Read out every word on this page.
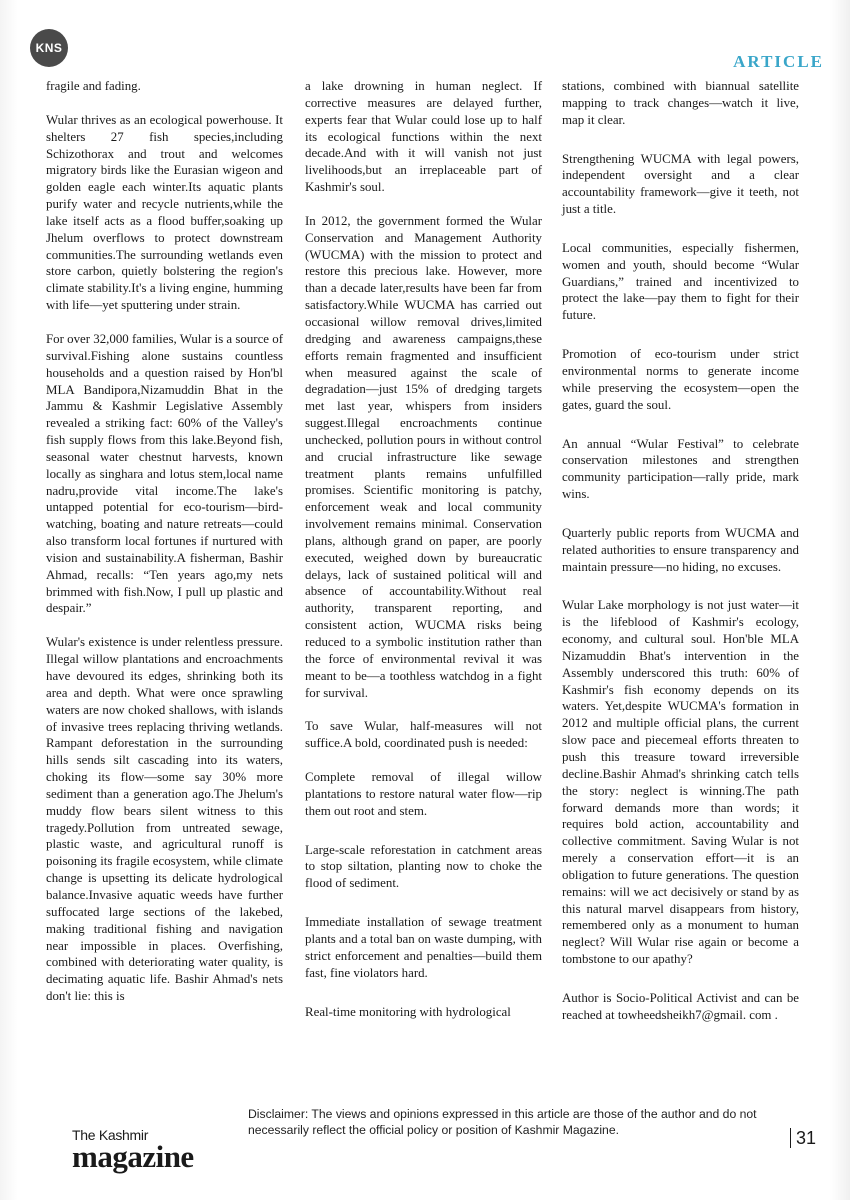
KNS
ARTICLE

fragile and fading.

Wular thrives as an ecological powerhouse. It shelters 27 fish species,including Schizothorax and trout and welcomes migratory birds like the Eurasian wigeon and golden eagle each winter.Its aquatic plants purify water and recycle nutrients,while the lake itself acts as a flood buffer,soaking up Jhelum overflows to protect downstream communities.The surrounding wetlands even store carbon, quietly bolstering the region's climate stability.It's a living engine, humming with life—yet sputtering under strain.

For over 32,000 families, Wular is a source of survival.Fishing alone sustains countless households and a question raised by Hon'bl MLA Bandipora,Nizamuddin Bhat in the Jammu & Kashmir Legislative Assembly revealed a striking fact: 60% of the Valley's fish supply flows from this lake.Beyond fish, seasonal water chestnut harvests, known locally as singhara and lotus stem,local name nadru,provide vital income.The lake's untapped potential for eco-tourism—bird-watching, boating and nature retreats—could also transform local fortunes if nurtured with vision and sustainability.A fisherman, Bashir Ahmad, recalls: “Ten years ago,my nets brimmed with fish.Now, I pull up plastic and despair.”

Wular's existence is under relentless pressure. Illegal willow plantations and encroachments have devoured its edges, shrinking both its area and depth. What were once sprawling waters are now choked shallows, with islands of invasive trees replacing thriving wetlands. Rampant deforestation in the surrounding hills sends silt cascading into its waters, choking its flow—some say 30% more sediment than a generation ago.The Jhelum's muddy flow bears silent witness to this tragedy.Pollution from untreated sewage, plastic waste, and agricultural runoff is poisoning its fragile ecosystem, while climate change is upsetting its delicate hydrological balance.Invasive aquatic weeds have further suffocated large sections of the lakebed, making traditional fishing and navigation near impossible in places. Overfishing, combined with deteriorating water quality, is decimating aquatic life. Bashir Ahmad's nets don't lie: this is

a lake drowning in human neglect. If corrective measures are delayed further, experts fear that Wular could lose up to half its ecological functions within the next decade.And with it will vanish not just livelihoods,but an irreplaceable part of Kashmir's soul.

In 2012, the government formed the Wular Conservation and Management Authority (WUCMA) with the mission to protect and restore this precious lake. However, more than a decade later,results have been far from satisfactory.While WUCMA has carried out occasional willow removal drives,limited dredging and awareness campaigns,these efforts remain fragmented and insufficient when measured against the scale of degradation—just 15% of dredging targets met last year, whispers from insiders suggest.Illegal encroachments continue unchecked, pollution pours in without control and crucial infrastructure like sewage treatment plants remains unfulfilled promises. Scientific monitoring is patchy, enforcement weak and local community involvement remains minimal. Conservation plans, although grand on paper, are poorly executed, weighed down by bureaucratic delays, lack of sustained political will and absence of accountability.Without real authority, transparent reporting, and consistent action, WUCMA risks being reduced to a symbolic institution rather than the force of environmental revival it was meant to be—a toothless watchdog in a fight for survival.

To save Wular, half-measures will not suffice.A bold, coordinated push is needed:

Complete removal of illegal willow plantations to restore natural water flow—rip them out root and stem.

Large-scale reforestation in catchment areas to stop siltation, planting now to choke the flood of sediment.

Immediate installation of sewage treatment plants and a total ban on waste dumping, with strict enforcement and penalties—build them fast, fine violators hard.

Real-time monitoring with hydrological

stations, combined with biannual satellite mapping to track changes—watch it live, map it clear.

Strengthening WUCMA with legal powers, independent oversight and a clear accountability framework—give it teeth, not just a title.

Local communities, especially fishermen, women and youth, should become “Wular Guardians,” trained and incentivized to protect the lake—pay them to fight for their future.

Promotion of eco-tourism under strict environmental norms to generate income while preserving the ecosystem—open the gates, guard the soul.

An annual “Wular Festival” to celebrate conservation milestones and strengthen community participation—rally pride, mark wins.

Quarterly public reports from WUCMA and related authorities to ensure transparency and maintain pressure—no hiding, no excuses.

Wular Lake morphology is not just water—it is the lifeblood of Kashmir's ecology, economy, and cultural soul. Hon'ble MLA Nizamuddin Bhat's intervention in the Assembly underscored this truth: 60% of Kashmir's fish economy depends on its waters. Yet,despite WUCMA's formation in 2012 and multiple official plans, the current slow pace and piecemeal efforts threaten to push this treasure toward irreversible decline.Bashir Ahmad's shrinking catch tells the story: neglect is winning.The path forward demands more than words; it requires bold action, accountability and collective commitment. Saving Wular is not merely a conservation effort—it is an obligation to future generations. The question remains: will we act decisively or stand by as this natural marvel disappears from history, remembered only as a monument to human neglect? Will Wular rise again or become a tombstone to our apathy?

Author is Socio-Political Activist and can be reached at towheedsheikh7@gmail. com .

The Kashmir
magazine
Disclaimer: The views and opinions expressed in this article are those of the author and do not necessarily reflect the official policy or position of Kashmir Magazine.	31
